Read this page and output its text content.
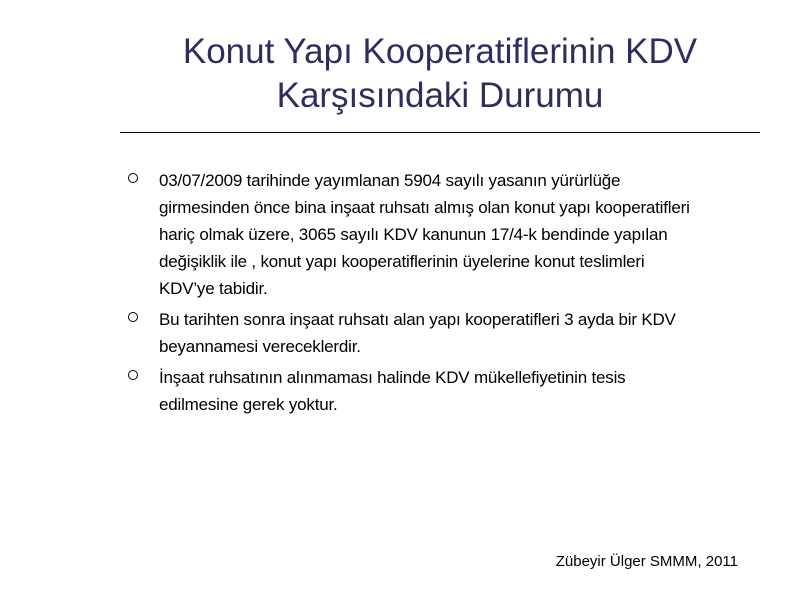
Konut Yapı Kooperatiflerinin KDV
Karşısındaki Durumu
03/07/2009 tarihinde yayımlanan 5904 sayılı yasanın yürürlüğe
girmesinden önce bina inşaat ruhsatı almış olan konut yapı kooperatifleri
hariç olmak üzere, 3065 sayılı KDV kanunun 17/4-k bendinde yapılan
değişiklik ile , konut yapı kooperatiflerinin üyelerine konut teslimleri
KDV’ye tabidir.
Bu tarihten sonra inşaat ruhsatı alan yapı kooperatifleri 3 ayda bir KDV
beyannamesi vereceklerdir.
İnşaat ruhsatının alınmaması halinde KDV mükellefiyetinin tesis
edilmesine gerek yoktur.
Zübeyir Ülger SMMM, 2011
